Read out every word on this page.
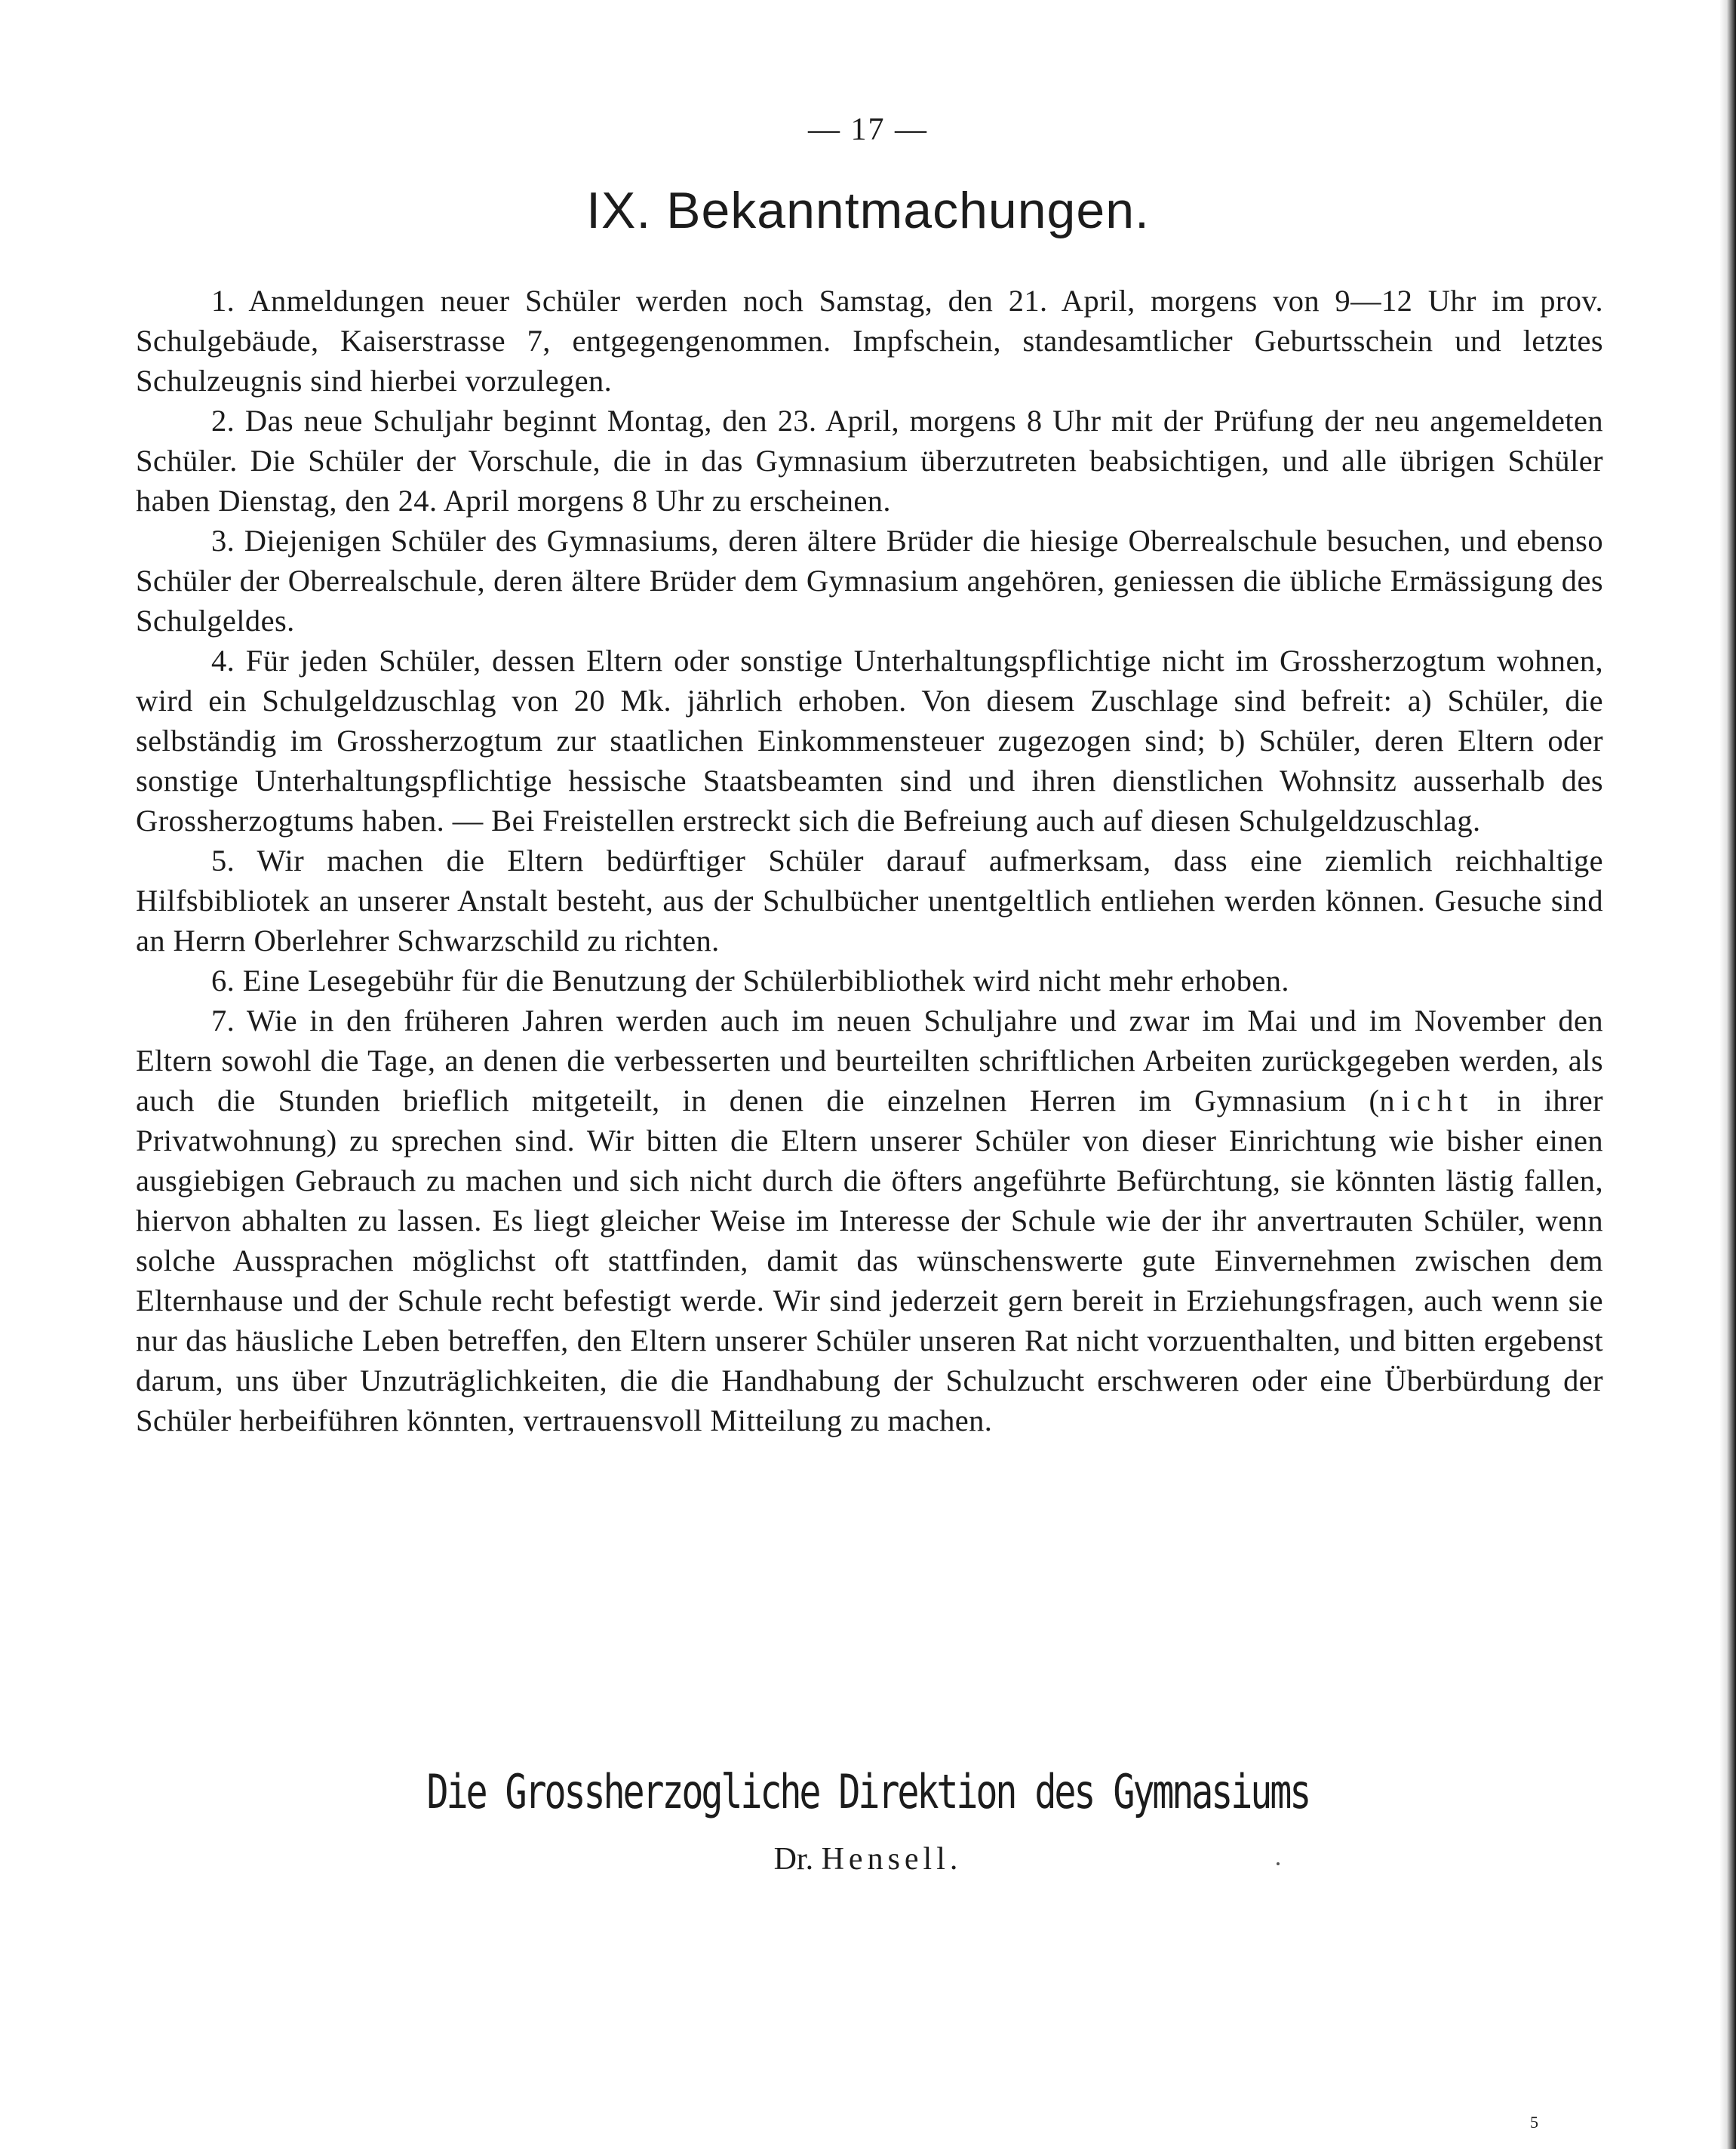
— 17 —
IX. Bekanntmachungen.

1. Anmeldungen neuer Schüler werden noch Samstag, den 21. April, morgens von 9—12 Uhr im prov. Schulgebäude, Kaiserstrasse 7, entgegengenommen. Impfschein, standesamtlicher Geburtsschein und letztes Schulzeugnis sind hierbei vorzulegen.

2. Das neue Schuljahr beginnt Montag, den 23. April, morgens 8 Uhr mit der Prüfung der neu angemeldeten Schüler. Die Schüler der Vorschule, die in das Gymnasium überzutreten beabsichtigen, und alle übrigen Schüler haben Dienstag, den 24. April morgens 8 Uhr zu erscheinen.

3. Diejenigen Schüler des Gymnasiums, deren ältere Brüder die hiesige Oberrealschule besuchen, und ebenso Schüler der Oberrealschule, deren ältere Brüder dem Gymnasium angehören, geniessen die übliche Ermässigung des Schulgeldes.

4. Für jeden Schüler, dessen Eltern oder sonstige Unterhaltungspflichtige nicht im Grossherzogtum wohnen, wird ein Schulgeldzuschlag von 20 Mk. jährlich erhoben. Von diesem Zuschlage sind befreit: a) Schüler, die selbständig im Grossherzogtum zur staatlichen Einkommensteuer zugezogen sind; b) Schüler, deren Eltern oder sonstige Unterhaltungspflichtige hessische Staatsbeamten sind und ihren dienstlichen Wohnsitz ausserhalb des Grossherzogtums haben. — Bei Freistellen erstreckt sich die Befreiung auch auf diesen Schulgeldzuschlag.

5. Wir machen die Eltern bedürftiger Schüler darauf aufmerksam, dass eine ziemlich reichhaltige Hilfsbibliotek an unserer Anstalt besteht, aus der Schulbücher unentgeltlich entliehen werden können. Gesuche sind an Herrn Oberlehrer Schwarzschild zu richten.

6. Eine Lesegebühr für die Benutzung der Schülerbibliothek wird nicht mehr erhoben.

7. Wie in den früheren Jahren werden auch im neuen Schuljahre und zwar im Mai und im November den Eltern sowohl die Tage, an denen die verbesserten und beurteilten schriftlichen Arbeiten zurückgegeben werden, als auch die Stunden brieflich mitgeteilt, in denen die einzelnen Herren im Gymnasium (nicht in ihrer Privatwohnung) zu sprechen sind. Wir bitten die Eltern unserer Schüler von dieser Einrichtung wie bisher einen ausgiebigen Gebrauch zu machen und sich nicht durch die öfters angeführte Befürchtung, sie könnten lästig fallen, hiervon abhalten zu lassen. Es liegt gleicher Weise im Interesse der Schule wie der ihr anvertrauten Schüler, wenn solche Aussprachen möglichst oft stattfinden, damit das wünschenswerte gute Einvernehmen zwischen dem Elternhause und der Schule recht befestigt werde. Wir sind jederzeit gern bereit in Erziehungsfragen, auch wenn sie nur das häusliche Leben betreffen, den Eltern unserer Schüler unseren Rat nicht vorzuenthalten, und bitten ergebenst darum, uns über Unzuträglichkeiten, die die Handhabung der Schulzucht erschweren oder eine Überbürdung der Schüler herbeiführen könnten, vertrauensvoll Mitteilung zu machen.

Die Grossherzogliche Direktion des Gymnasiums
Dr. Hensell.
5
